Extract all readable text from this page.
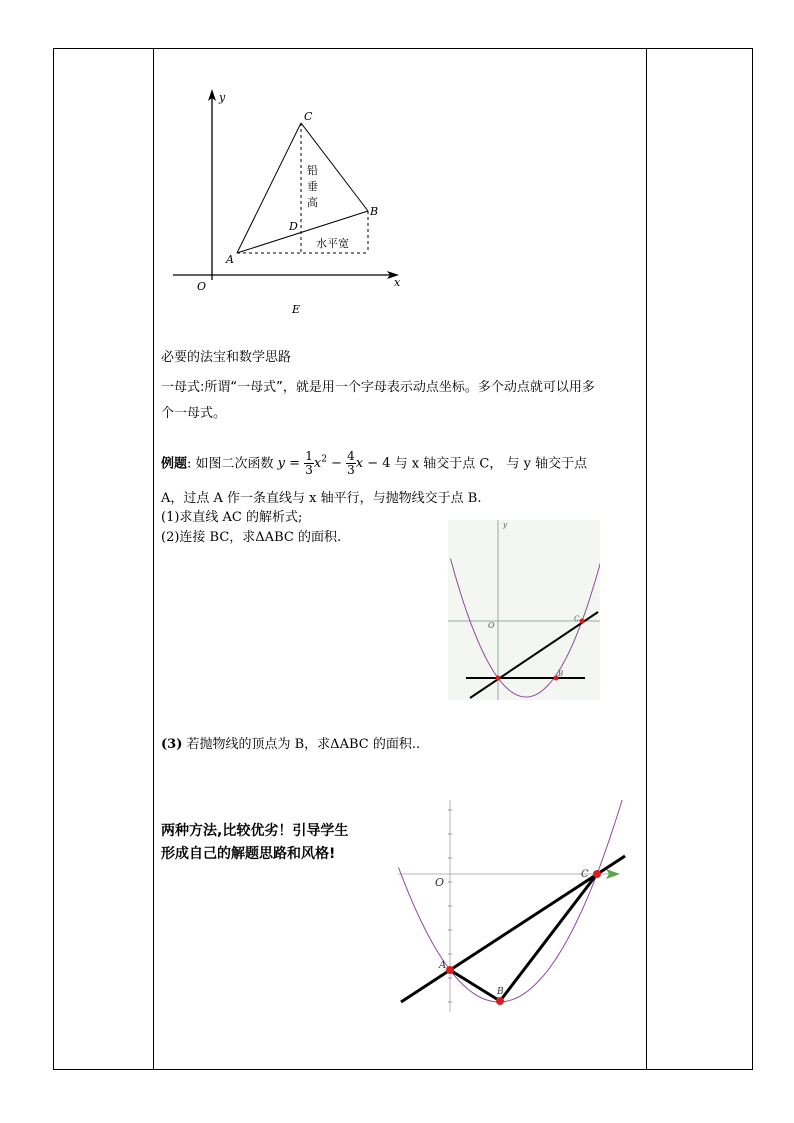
y
x
O
A
B
C
D
E
铅
垂
高
水平宽
必要的法宝和数学思路
一母式:所谓“一母式”，就是用一个字母表示动点坐标。多个动点就可以用多
个一母式。
例题: 如图二次函数 $y = \frac{1}{3} x^2 - \frac{4}{3}$ x − 4 与 x 轴交于点 C， 与 y 轴交于点
A，过点 A 作一条直线与 x 轴平行，与抛物线交于点 B.
(1)求直线 AC 的解析式;
(2)连接 BC，求ΔABC 的面积.
y
O
C
B
(3) 若抛物线的顶点为 B，求ΔABC 的面积..
两种方法,比较优劣！引导学生
形成自己的解题思路和风格!
O
C
A
B
